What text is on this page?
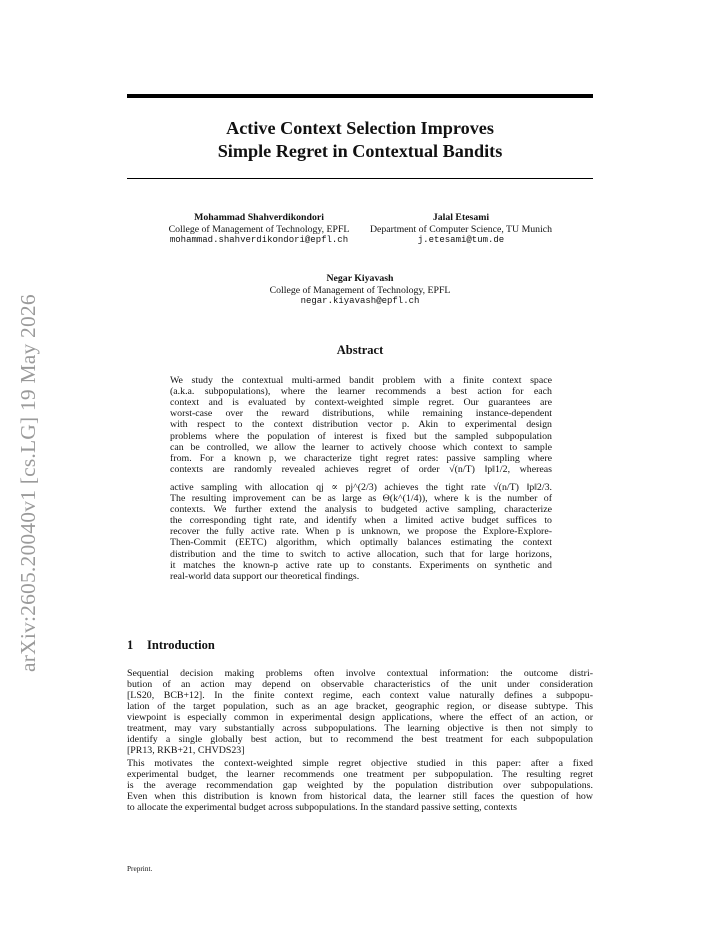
arXiv:2605.20040v1 [cs.LG] 19 May 2026
Active Context Selection Improves
Simple Regret in Contextual Bandits
Mohammad Shahverdikondori
College of Management of Technology, EPFL
mohammad.shahverdikondori@epfl.ch
Jalal Etesami
Department of Computer Science, TU Munich
j.etesami@tum.de
Negar Kiyavash
College of Management of Technology, EPFL
negar.kiyavash@epfl.ch
Abstract
We study the contextual multi-armed bandit problem with a finite context space
(a.k.a. subpopulations), where the learner recommends a best action for each
context and is evaluated by context-weighted simple regret. Our guarantees are
worst-case over the reward distributions, while remaining instance-dependent
with respect to the context distribution vector p. Akin to experimental design
problems where the population of interest is fixed but the sampled subpopulation
can be controlled, we allow the learner to actively choose which context to sample
from. For a known p, we characterize tight regret rates: passive sampling where
contexts are randomly revealed achieves regret of order √(n/T) ‖p‖1/2, whereas
active sampling with allocation qj ∝ pj^(2/3) achieves the tight rate √(n/T) ‖p‖2/3.
The resulting improvement can be as large as Θ(k^(1/4)), where k is the number of
contexts. We further extend the analysis to budgeted active sampling, characterize
the corresponding tight rate, and identify when a limited active budget suffices to
recover the fully active rate. When p is unknown, we propose the Explore-Explore-
Then-Commit (EETC) algorithm, which optimally balances estimating the context
distribution and the time to switch to active allocation, such that for large horizons,
it matches the known-p active rate up to constants. Experiments on synthetic and
real-world data support our theoretical findings.
1 Introduction
Sequential decision making problems often involve contextual information: the outcome distri-
bution of an action may depend on observable characteristics of the unit under consideration
[LS20, BCB+12]. In the finite context regime, each context value naturally defines a subpopu-
lation of the target population, such as an age bracket, geographic region, or disease subtype. This
viewpoint is especially common in experimental design applications, where the effect of an action, or
treatment, may vary substantially across subpopulations. The learning objective is then not simply to
identify a single globally best action, but to recommend the best treatment for each subpopulation
[PR13, RKB+21, CHVDS23]
This motivates the context-weighted simple regret objective studied in this paper: after a fixed
experimental budget, the learner recommends one treatment per subpopulation. The resulting regret
is the average recommendation gap weighted by the population distribution over subpopulations.
Even when this distribution is known from historical data, the learner still faces the question of how
to allocate the experimental budget across subpopulations. In the standard passive setting, contexts
Preprint.
